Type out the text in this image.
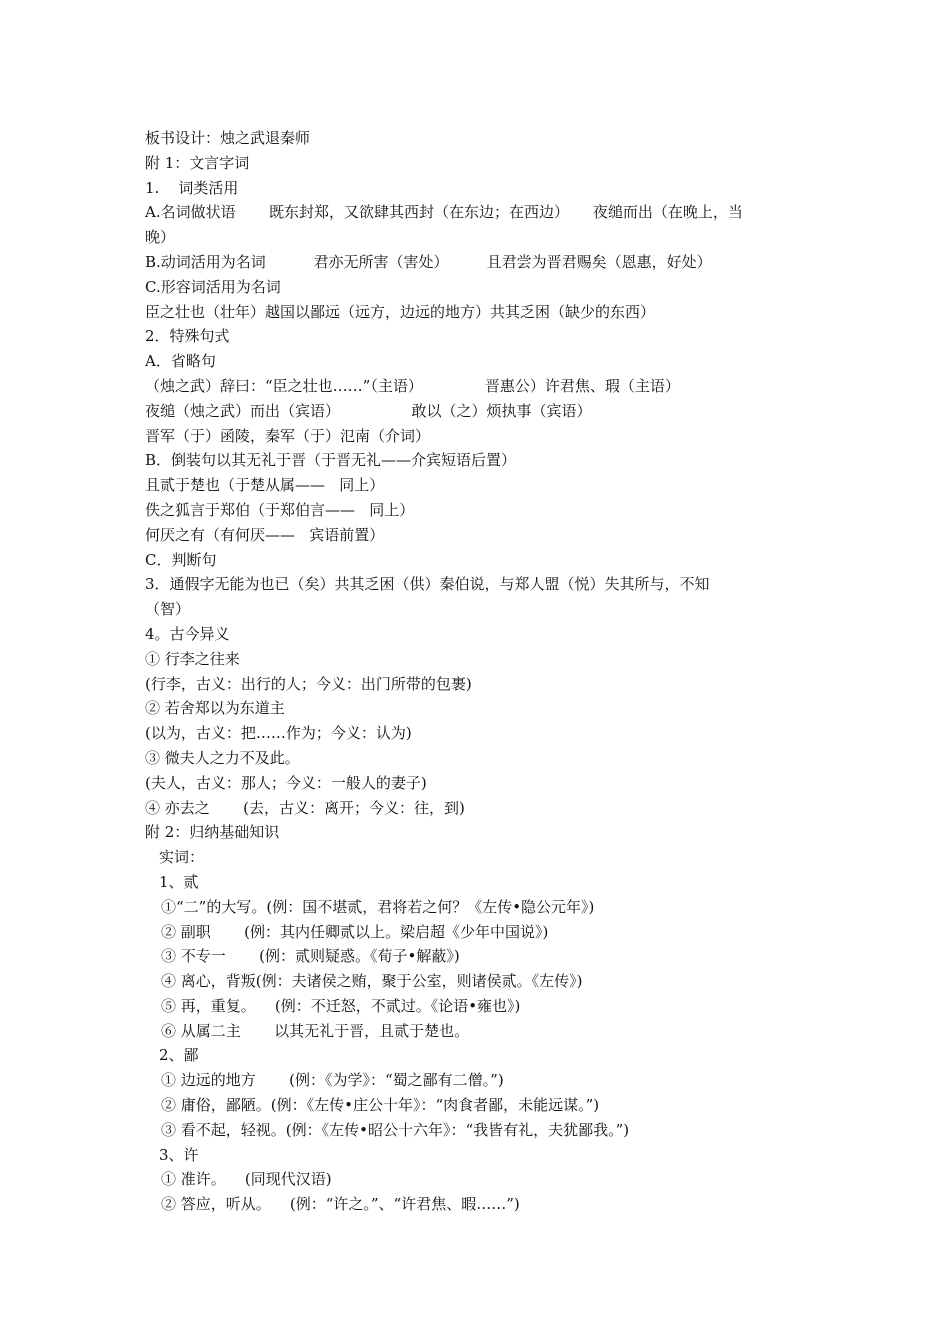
板书设计：烛之武退秦师
附 1：文言字词
1.    词类活用
A.名词做状语       既东封郑，又欲肆其西封（在东边；在西边）     夜缒而出（在晚上，当
晚）
B.动词活用为名词          君亦无所害（害处）        且君尝为晋君赐矣（恩惠，好处）
C.形容词活用为名词
臣之壮也（壮年）越国以鄙远（远方，边远的地方）共其乏困（缺少的东西）
2．特殊句式
A．省略句
（烛之武）辞曰：“臣之壮也……”（主语）             晋惠公）许君焦、瑕（主语）
夜缒（烛之武）而出（宾语）               敢以（之）烦执事（宾语）
晋军（于）函陵，秦军（于）氾南（介词）
B．倒装句以其无礼于晋（于晋无礼——介宾短语后置）
且贰于楚也（于楚从属——   同上）
佚之狐言于郑伯（于郑伯言——   同上）
何厌之有（有何厌——   宾语前置）
C．判断句
3．通假字无能为也已（矣）共其乏困（供）秦伯说，与郑人盟（悦）失其所与，不知
（智）
4。古今异义
① 行李之往来
(行李，古义：出行的人；今义：出门所带的包裹)
② 若舍郑以为东道主
(以为，古义：把……作为；今义：认为)
③ 微夫人之力不及此。
(夫人，古义：那人；今义：一般人的妻子)
④ 亦去之       (去，古义：离开；今义：往，到)
附 2：归纳基础知识
实词：
1、贰
①“二”的大写。(例：国不堪贰，君将若之何？《左传•隐公元年》)
② 副职       (例：其内任卿贰以上。梁启超《少年中国说》)
③ 不专一       (例：贰则疑惑。《荀子•解蔽》)
④ 离心，背叛(例：夫诸侯之贿，聚于公室，则诸侯贰。《左传》)
⑤ 再，重复。    (例：不迁怒，不贰过。《论语•雍也》)
⑥ 从属二主       以其无礼于晋，且贰于楚也。
2、鄙
① 边远的地方       (例：《为学》：“蜀之鄙有二僧。”)
② 庸俗，鄙陋。(例：《左传•庄公十年》：“肉食者鄙，未能远谋。”)
③ 看不起，轻视。(例：《左传•昭公十六年》：“我皆有礼，夫犹鄙我。”)
3、许
① 准许。    (同现代汉语)
② 答应，听从。    (例：“许之。”、“许君焦、暇……”)
